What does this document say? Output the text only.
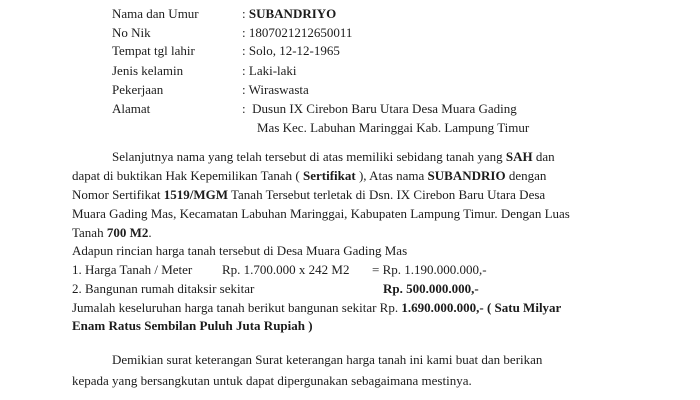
Nama dan Umur	: SUBANDRIYO
No Nik	: 1807021212650011
Tempat tgl lahir	: Solo, 12-12-1965
Jenis kelamin	: Laki-laki
Pekerjaan	: Wiraswasta
Alamat	:  Dusun IX Cirebon Baru Utara Desa Muara Gading
Mas Kec. Labuhan Maringgai Kab. Lampung Timur
Selanjutnya nama yang telah tersebut di atas memiliki sebidang tanah yang SAH dan
dapat di buktikan Hak Kepemilikan Tanah ( Sertifikat ), Atas nama SUBANDRIO dengan
Nomor Sertifikat 1519/MGM Tanah Tersebut terletak di Dsn. IX Cirebon Baru Utara Desa
Muara Gading Mas, Kecamatan Labuhan Maringgai, Kabupaten Lampung Timur. Dengan Luas
Tanah 700 M2.
Adapun rincian harga tanah tersebut di Desa Muara Gading Mas
1. Harga Tanah / Meter Rp. 1.700.000 x 242 M2 = Rp. 1.190.000.000,-
2. Bangunan rumah ditaksir sekitar	Rp. 500.000.000,-
Jumalah keseluruhan harga tanah berikut bangunan sekitar Rp. 1.690.000.000,- ( Satu Milyar
Enam Ratus Sembilan Puluh Juta Rupiah )
Demikian surat keterangan Surat keterangan harga tanah ini kami buat dan berikan
kepada yang bersangkutan untuk dapat dipergunakan sebagaimana mestinya.
